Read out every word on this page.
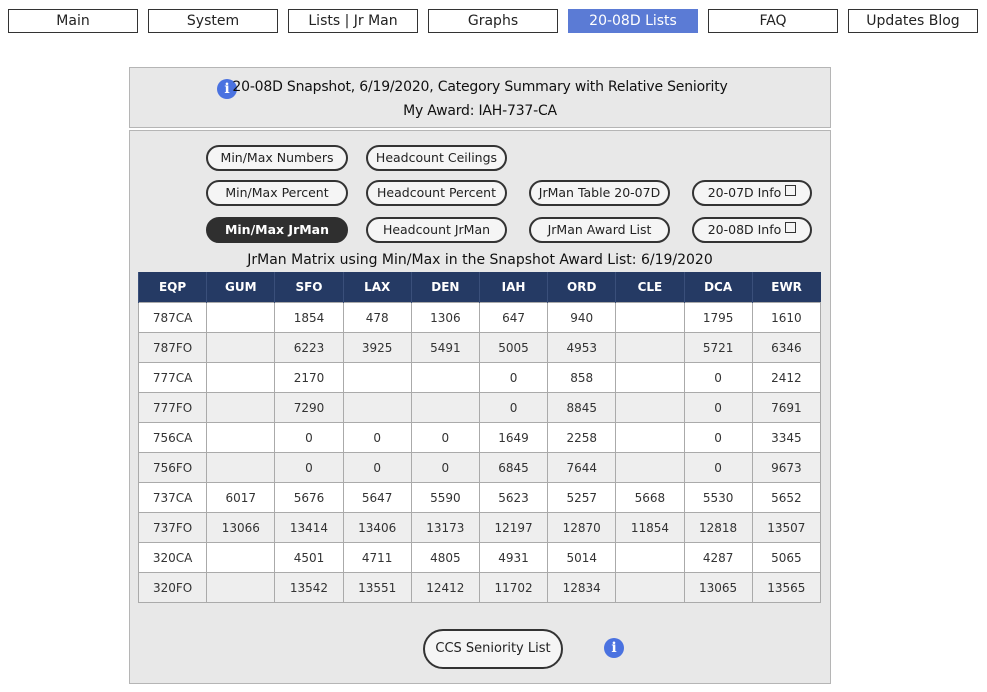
Main	System	Lists | Jr Man	Graphs	20-08D Lists	FAQ	Updates Blog
i 20-08D Snapshot, 6/19/2020, Category Summary with Relative Seniority
My Award: IAH-737-CA
Min/Max Numbers	Headcount Ceilings
Min/Max Percent	Headcount Percent	JrMan Table 20-07D	20-07D Info
Min/Max JrMan	Headcount JrMan	JrMan Award List	20-08D Info
JrMan Matrix using Min/Max in the Snapshot Award List: 6/19/2020
EQP	GUM	SFO	LAX	DEN	IAH	ORD	CLE	DCA	EWR
787CA		1854	478	1306	647	940		1795	1610
787FO		6223	3925	5491	5005	4953		5721	6346
777CA		2170			0	858		0	2412
777FO		7290			0	8845		0	7691
756CA		0	0	0	1649	2258		0	3345
756FO		0	0	0	6845	7644		0	9673
737CA	6017	5676	5647	5590	5623	5257	5668	5530	5652
737FO	13066	13414	13406	13173	12197	12870	11854	12818	13507
320CA		4501	4711	4805	4931	5014		4287	5065
320FO		13542	13551	12412	11702	12834		13065	13565
CCS Seniority List	i
